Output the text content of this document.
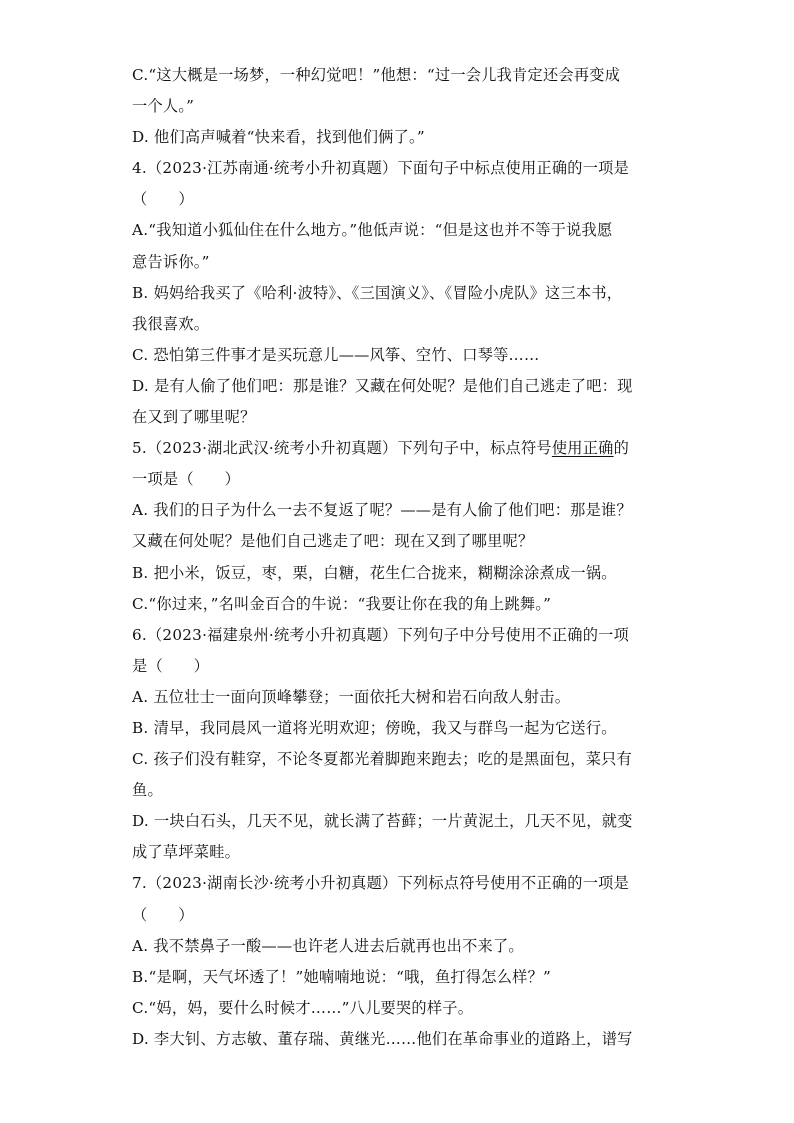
C.“这大概是一场梦，一种幻觉吧！”他想：“过一会儿我肯定还会再变成
一个人。”
D. 他们高声喊着“快来看，找到他们俩了。”
4.（2023·江苏南通·统考小升初真题）下面句子中标点使用正确的一项是
（　　）
A.“我知道小狐仙住在什么地方。”他低声说：“但是这也并不等于说我愿
意告诉你。”
B. 妈妈给我买了《哈利·波特》、《三国演义》、《冒险小虎队》这三本书，
我很喜欢。
C. 恐怕第三件事才是买玩意儿——风筝、空竹、口琴等……
D. 是有人偷了他们吧：那是谁？又藏在何处呢？是他们自己逃走了吧：现
在又到了哪里呢？
5.（2023·湖北武汉·统考小升初真题）下列句子中，标点符号使用正确的
一项是（　　）
A. 我们的日子为什么一去不复返了呢？——是有人偷了他们吧：那是谁？
又藏在何处呢？是他们自己逃走了吧：现在又到了哪里呢？
B. 把小米，饭豆，枣，栗，白糖，花生仁合拢来，糊糊涂涂煮成一锅。
C.“你过来，”名叫金百合的牛说：“我要让你在我的角上跳舞。”
6.（2023·福建泉州·统考小升初真题）下列句子中分号使用不正确的一项
是（　　）
A. 五位壮士一面向顶峰攀登；一面依托大树和岩石向敌人射击。
B. 清早，我同晨风一道将光明欢迎；傍晚，我又与群鸟一起为它送行。
C. 孩子们没有鞋穿，不论冬夏都光着脚跑来跑去；吃的是黑面包，菜只有
鱼。
D. 一块白石头，几天不见，就长满了苔藓；一片黄泥土，几天不见，就变
成了草坪菜畦。
7.（2023·湖南长沙·统考小升初真题）下列标点符号使用不正确的一项是
（　　）
A. 我不禁鼻子一酸——也许老人进去后就再也出不来了。
B.“是啊，天气坏透了！”她喃喃地说：“哦，鱼打得怎么样？”
C.“妈，妈，要什么时候才……”八儿要哭的样子。
D. 李大钊、方志敏、董存瑞、黄继光……他们在革命事业的道路上，谱写
